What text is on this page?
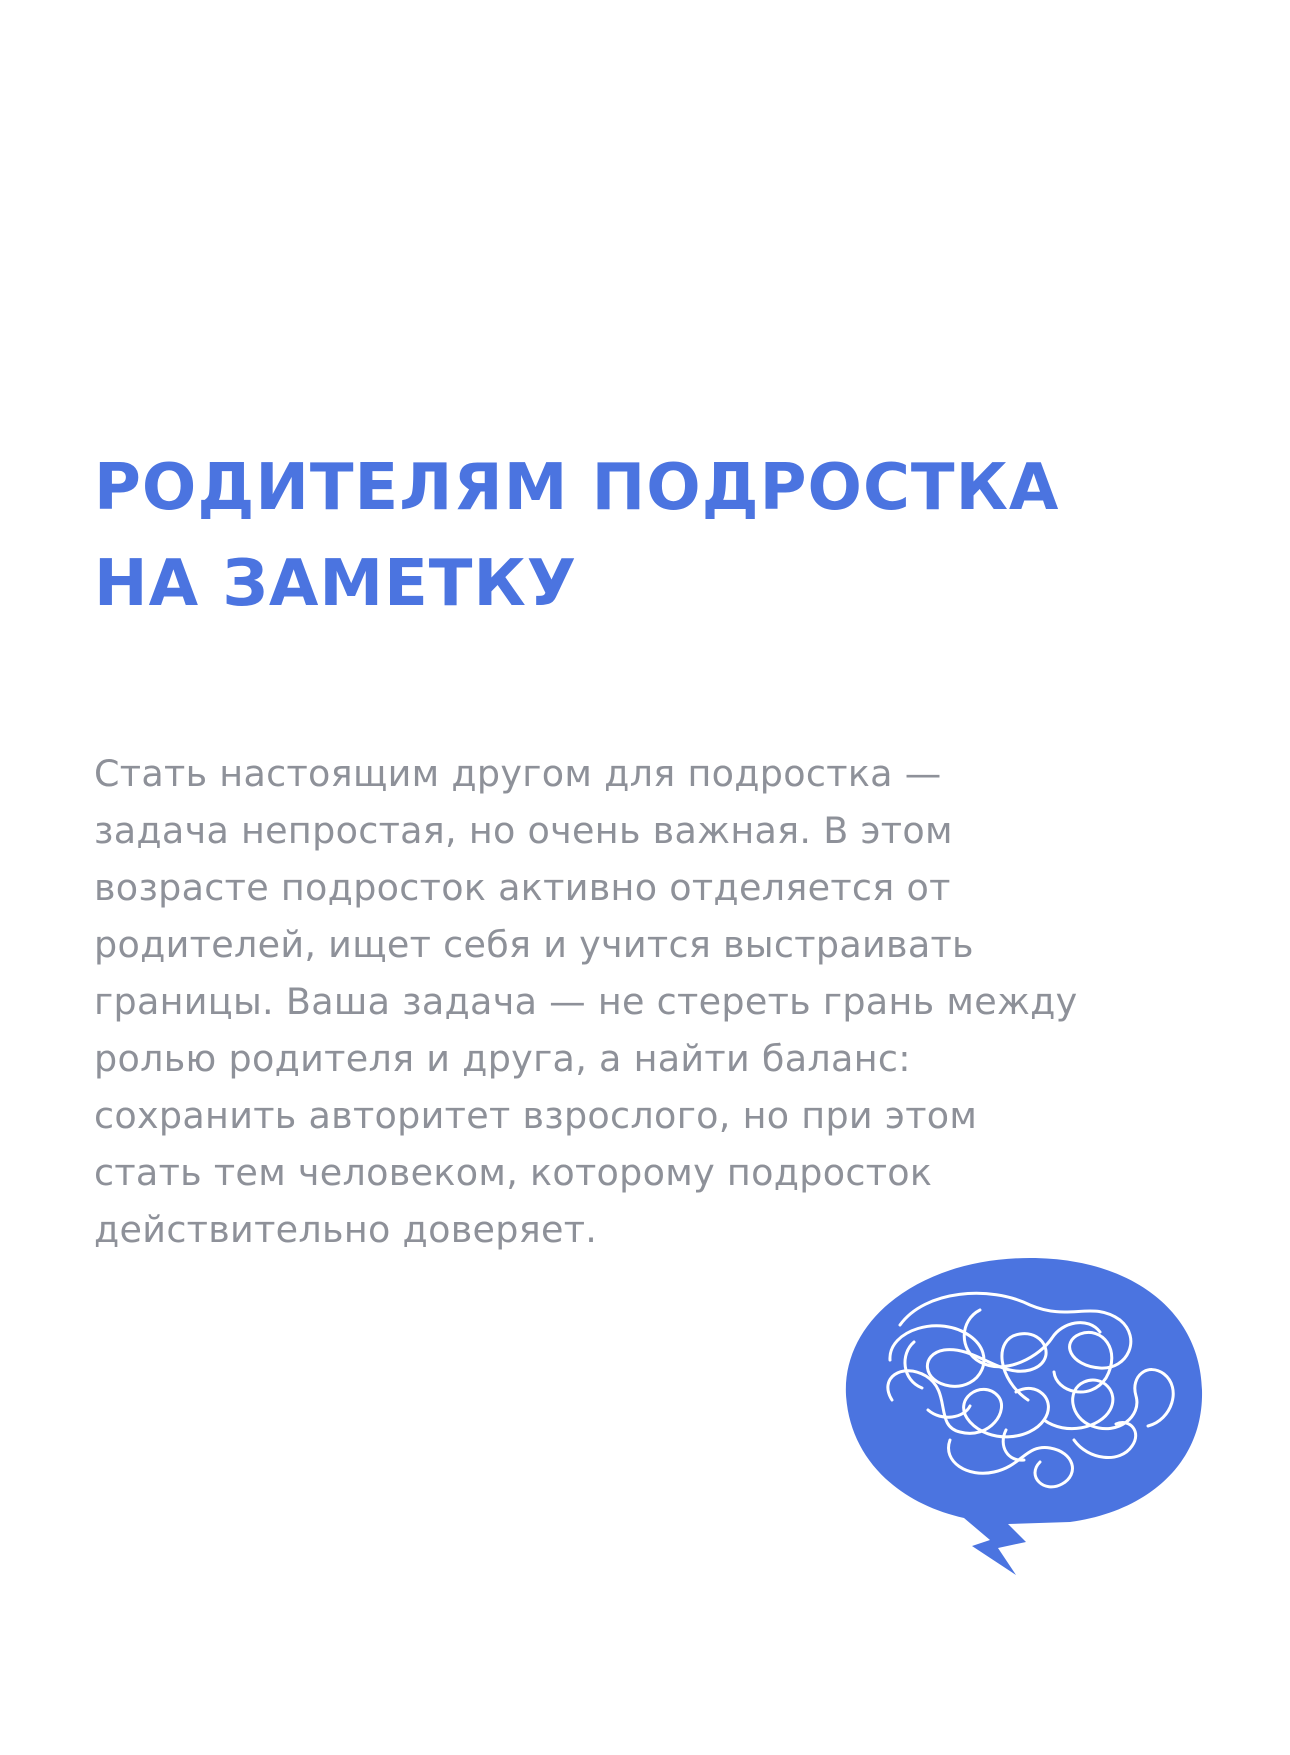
РОДИТЕЛЯМ ПОДРОСТКА
НА ЗАМЕТКУ
Стать настоящим другом для подростка —
задача непростая, но очень важная. В этом
возрасте подросток активно отделяется от
родителей, ищет себя и учится выстраивать
границы. Ваша задача — не стереть грань между
ролью родителя и друга, а найти баланс:
сохранить авторитет взрослого, но при этом
стать тем человеком, которому подросток
действительно доверяет.
